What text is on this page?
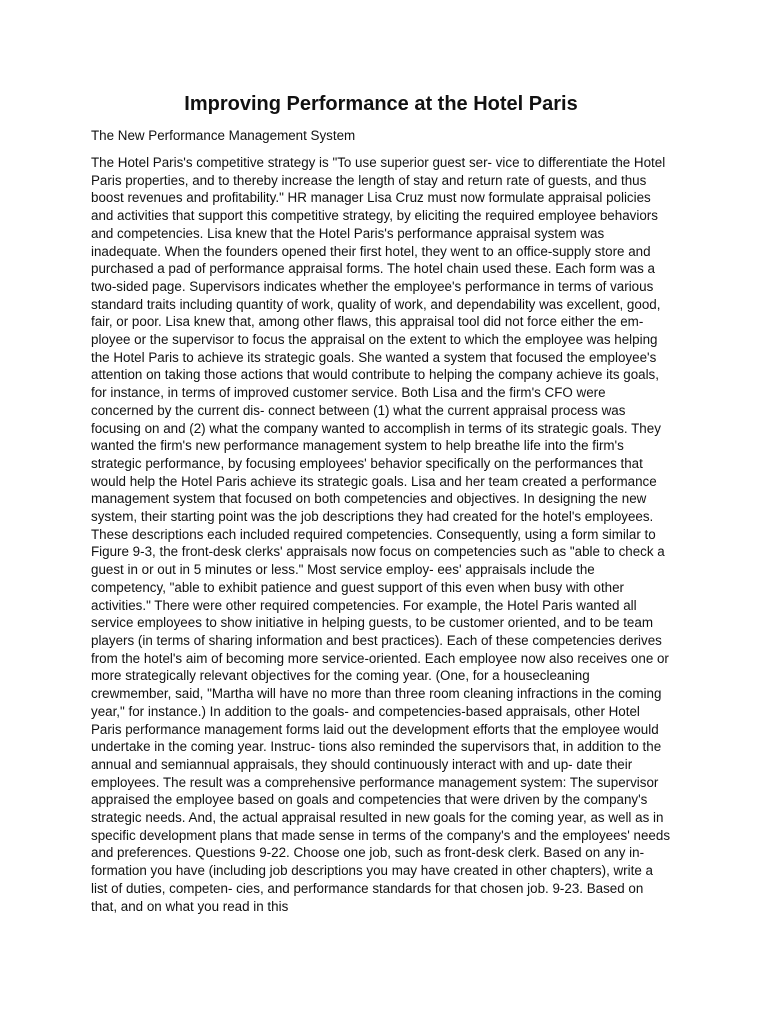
Improving Performance at the Hotel Paris

The New Performance Management System

The Hotel Paris's competitive strategy is "To use superior guest ser- vice to differentiate the Hotel Paris properties, and to thereby increase the length of stay and return rate of guests, and thus boost revenues and profitability." HR manager Lisa Cruz must now formulate appraisal policies and activities that support this competitive strategy, by eliciting the required employee behaviors and competencies. Lisa knew that the Hotel Paris's performance appraisal system was inadequate. When the founders opened their first hotel, they went to an office-supply store and purchased a pad of performance appraisal forms. The hotel chain used these. Each form was a two-sided page. Supervisors indicates whether the employee's performance in terms of various standard traits including quantity of work, quality of work, and dependability was excellent, good, fair, or poor. Lisa knew that, among other flaws, this appraisal tool did not force either the em- ployee or the supervisor to focus the appraisal on the extent to which the employee was helping the Hotel Paris to achieve its strategic goals. She wanted a system that focused the employee's attention on taking those actions that would contribute to helping the company achieve its goals, for instance, in terms of improved customer service. Both Lisa and the firm's CFO were concerned by the current dis- connect between (1) what the current appraisal process was focusing on and (2) what the company wanted to accomplish in terms of its strategic goals. They wanted the firm's new performance management system to help breathe life into the firm's strategic performance, by focusing employees' behavior specifically on the performances that would help the Hotel Paris achieve its strategic goals. Lisa and her team created a performance management system that focused on both competencies and objectives. In designing the new system, their starting point was the job descriptions they had created for the hotel's employees. These descriptions each included required competencies. Consequently, using a form similar to Figure 9-3, the front-desk clerks' appraisals now focus on competencies such as "able to check a guest in or out in 5 minutes or less." Most service employ- ees' appraisals include the competency, "able to exhibit patience and guest support of this even when busy with other activities." There were other required competencies. For example, the Hotel Paris wanted all service employees to show initiative in helping guests, to be customer oriented, and to be team players (in terms of sharing information and best practices). Each of these competencies derives from the hotel's aim of becoming more service-oriented. Each employee now also receives one or more strategically relevant objectives for the coming year. (One, for a housecleaning crewmember, said, "Martha will have no more than three room cleaning infractions in the coming year," for instance.) In addition to the goals- and competencies-based appraisals, other Hotel Paris performance management forms laid out the development efforts that the employee would undertake in the coming year. Instruc- tions also reminded the supervisors that, in addition to the annual and semiannual appraisals, they should continuously interact with and up- date their employees. The result was a comprehensive performance management system: The supervisor appraised the employee based on goals and competencies that were driven by the company's strategic needs. And, the actual appraisal resulted in new goals for the coming year, as well as in specific development plans that made sense in terms of the company's and the employees' needs and preferences. Questions 9-22. Choose one job, such as front-desk clerk. Based on any in- formation you have (including job descriptions you may have created in other chapters), write a list of duties, competen- cies, and performance standards for that chosen job. 9-23. Based on that, and on what you read in this
